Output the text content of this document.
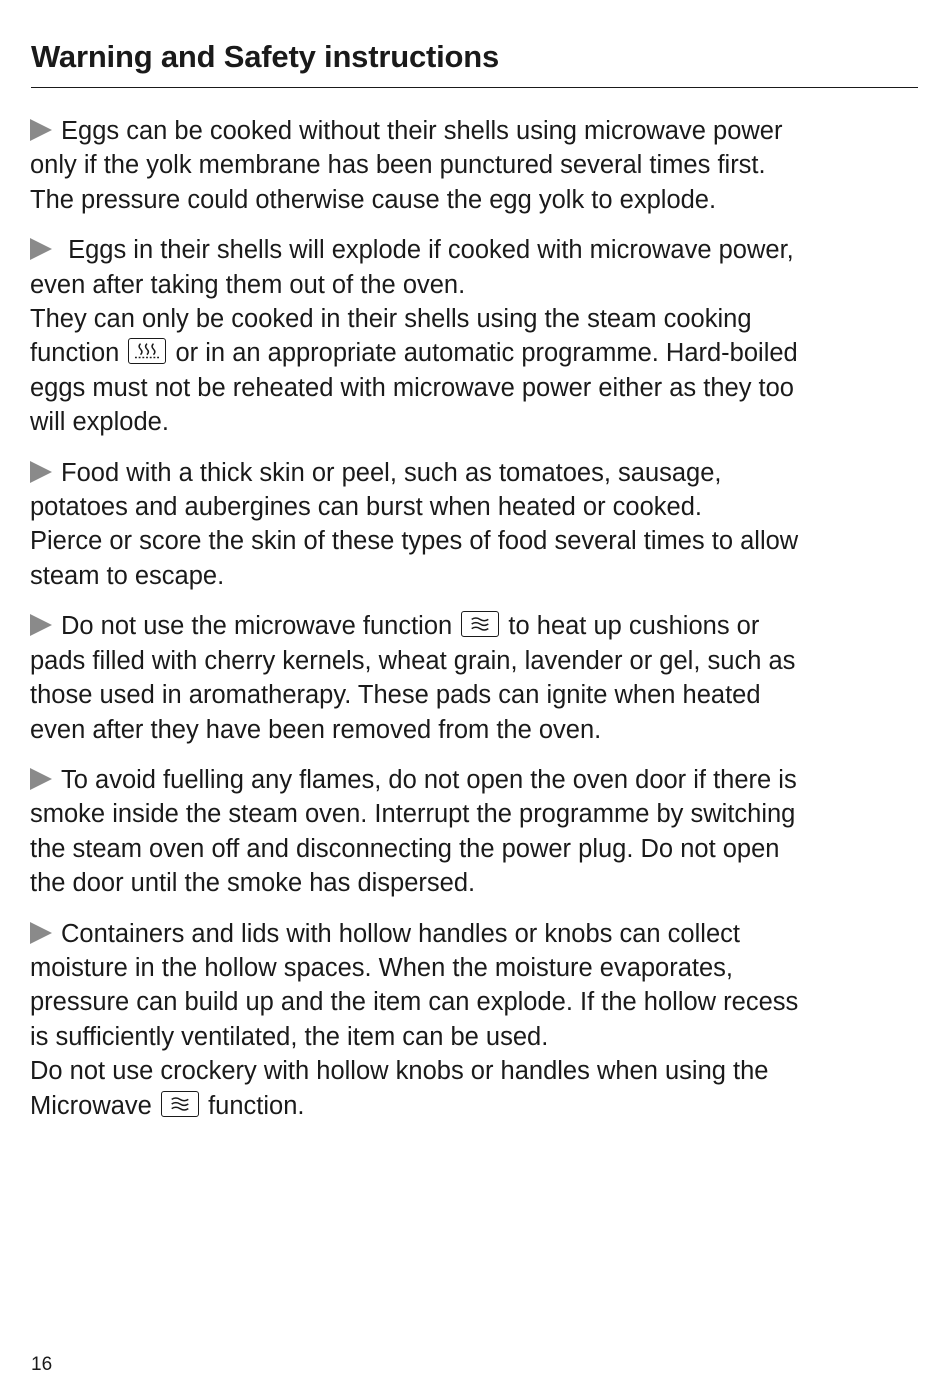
Warning and Safety instructions

Eggs can be cooked without their shells using microwave power
only if the yolk membrane has been punctured several times first.
The pressure could otherwise cause the egg yolk to explode.

Eggs in their shells will explode if cooked with microwave power,
even after taking them out of the oven.
They can only be cooked in their shells using the steam cooking
function or in an appropriate automatic programme. Hard-boiled
eggs must not be reheated with microwave power either as they too
will explode.

Food with a thick skin or peel, such as tomatoes, sausage,
potatoes and aubergines can burst when heated or cooked.
Pierce or score the skin of these types of food several times to allow
steam to escape.

Do not use the microwave function to heat up cushions or
pads filled with cherry kernels, wheat grain, lavender or gel, such as
those used in aromatherapy. These pads can ignite when heated
even after they have been removed from the oven.

To avoid fuelling any flames, do not open the oven door if there is
smoke inside the steam oven. Interrupt the programme by switching
the steam oven off and disconnecting the power plug. Do not open
the door until the smoke has dispersed.

Containers and lids with hollow handles or knobs can collect
moisture in the hollow spaces. When the moisture evaporates,
pressure can build up and the item can explode. If the hollow recess
is sufficiently ventilated, the item can be used.
Do not use crockery with hollow knobs or handles when using the
Microwave function.

16
